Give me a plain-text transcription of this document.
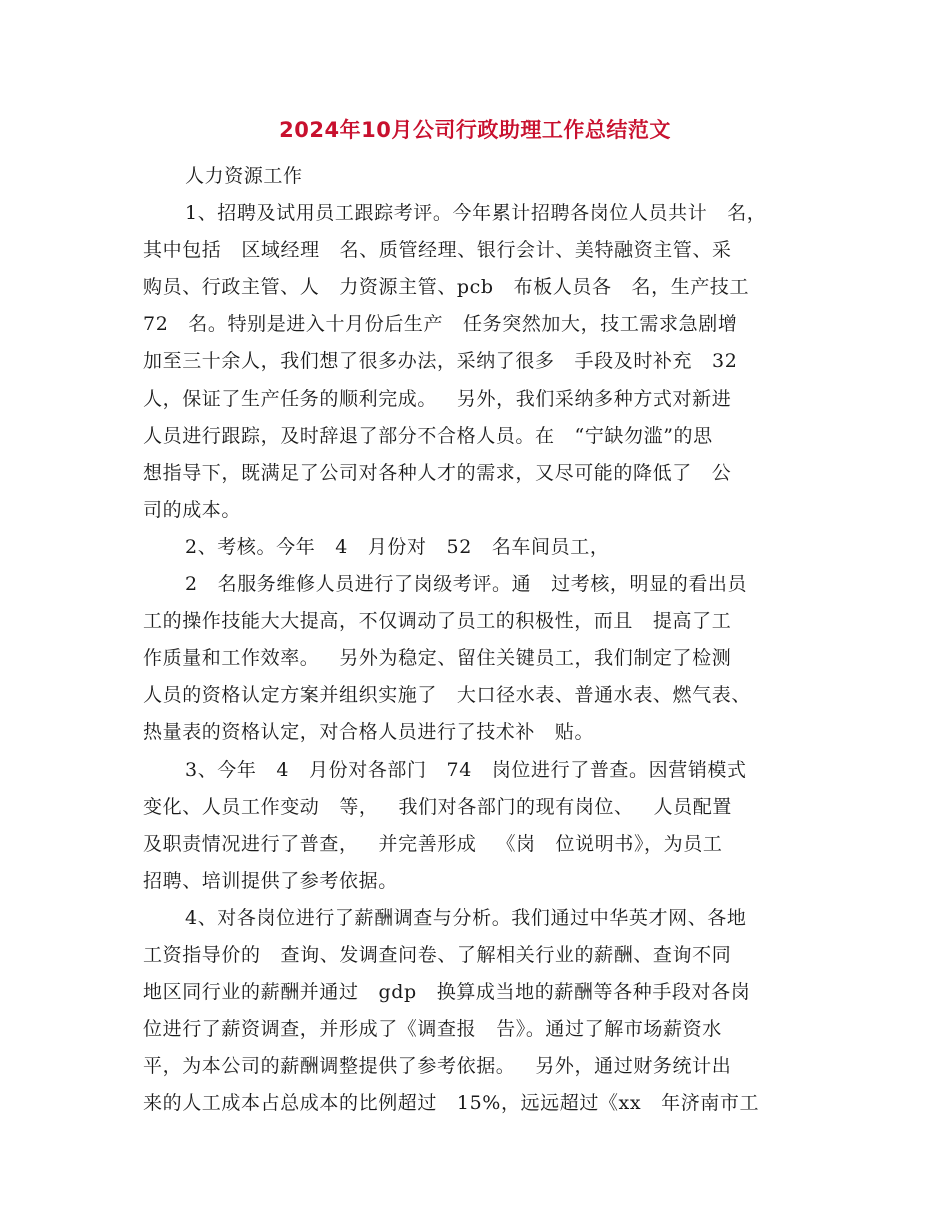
2024年10月公司行政助理工作总结范文
人力资源工作
1、招聘及试用员工跟踪考评。今年累计招聘各岗位人员共计   名，
其中包括   区域经理   名、质管经理、银行会计、美特融资主管、采
购员、行政主管、人   力资源主管、pcb   布板人员各   名，生产技工
72   名。特别是进入十月份后生产   任务突然加大，技工需求急剧增
加至三十余人，我们想了很多办法，采纳了很多   手段及时补充   32
人，保证了生产任务的顺利完成。   另外，我们采纳多种方式对新进
人员进行跟踪，及时辞退了部分不合格人员。在   “宁缺勿滥”的思
想指导下，既满足了公司对各种人才的需求，又尽可能的降低了   公
司的成本。
2、考核。今年   4   月份对   52   名车间员工，
2   名服务维修人员进行了岗级考评。通   过考核，明显的看出员
工的操作技能大大提高，不仅调动了员工的积极性，而且   提高了工
作质量和工作效率。   另外为稳定、留住关键员工，我们制定了检测
人员的资格认定方案并组织实施了   大口径水表、普通水表、燃气表、
热量表的资格认定，对合格人员进行了技术补   贴。
3、今年   4   月份对各部门   74   岗位进行了普查。因营销模式
变化、人员工作变动   等，   我们对各部门的现有岗位、   人员配置
及职责情况进行了普查，   并完善形成   《岗   位说明书》，为员工
招聘、培训提供了参考依据。
4、对各岗位进行了薪酬调查与分析。我们通过中华英才网、各地
工资指导价的   查询、发调查问卷、了解相关行业的薪酬、查询不同
地区同行业的薪酬并通过   gdp   换算成当地的薪酬等各种手段对各岗
位进行了薪资调查，并形成了《调查报   告》。通过了解市场薪资水
平，为本公司的薪酬调整提供了参考依据。   另外，通过财务统计出
来的人工成本占总成本的比例超过   15%，远远超过《xx   年济南市工
